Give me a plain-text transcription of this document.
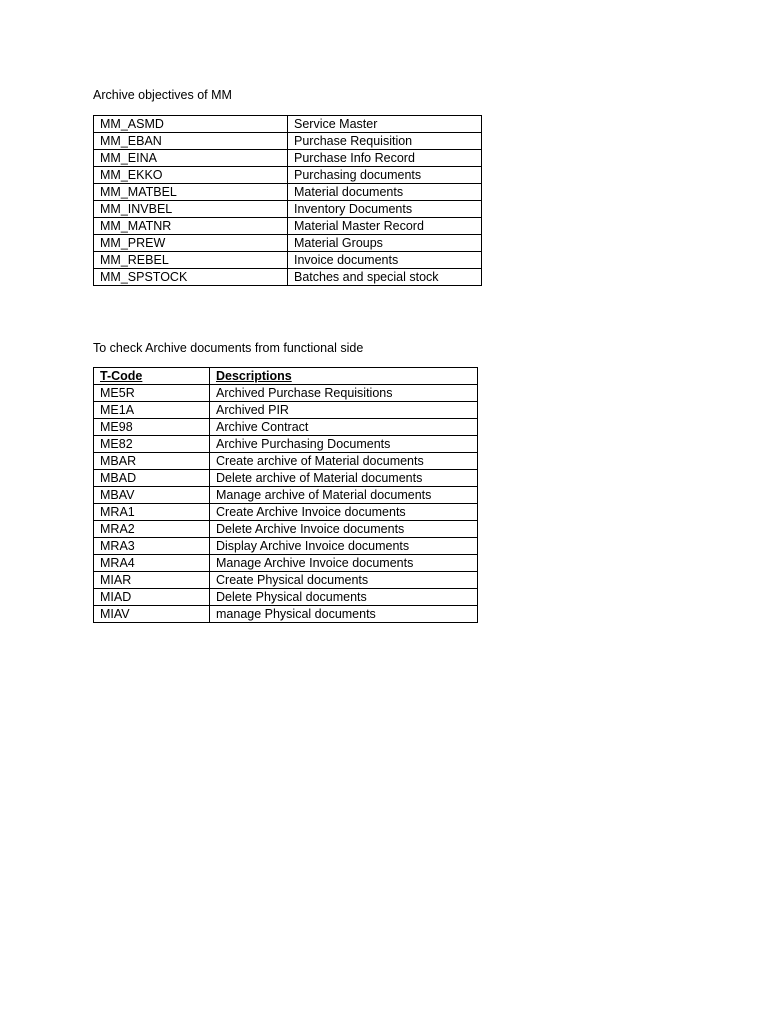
Archive objectives of MM
MM_ASMD	Service Master
MM_EBAN	Purchase Requisition
MM_EINA	Purchase Info Record
MM_EKKO	Purchasing documents
MM_MATBEL	Material documents
MM_INVBEL	Inventory Documents
MM_MATNR	Material Master Record
MM_PREW	Material Groups
MM_REBEL	Invoice documents
MM_SPSTOCK	Batches and special stock
To check Archive documents from functional side
T-Code	Descriptions
ME5R	Archived Purchase Requisitions
ME1A	Archived PIR
ME98	Archive Contract
ME82	Archive Purchasing Documents
MBAR	Create archive of Material documents
MBAD	Delete archive of Material documents
MBAV	Manage archive of Material documents
MRA1	Create Archive Invoice documents
MRA2	Delete Archive Invoice documents
MRA3	Display Archive Invoice documents
MRA4	Manage Archive Invoice documents
MIAR	Create Physical documents
MIAD	Delete Physical documents
MIAV	manage Physical documents
